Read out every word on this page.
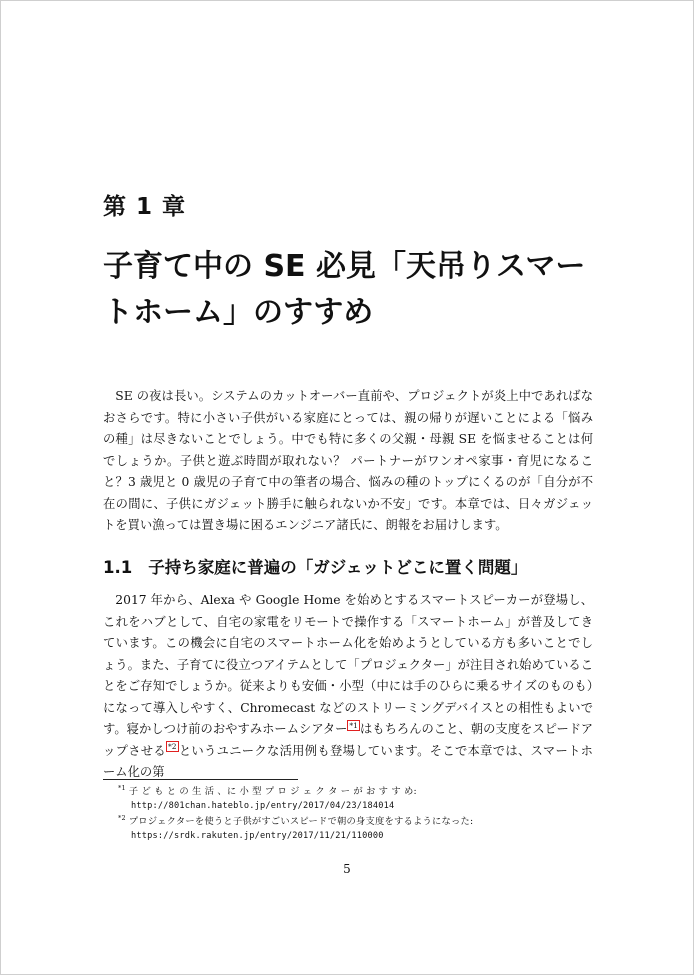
第 1 章
子育て中の SE 必見「天吊りスマートホーム」のすすめ

SE の夜は長い。システムのカットオーバー直前や、プロジェクトが炎上中であればなおさらです。特に小さい子供がいる家庭にとっては、親の帰りが遅いことによる「悩みの種」は尽きないことでしょう。中でも特に多くの父親・母親 SE を悩ませることは何でしょうか。子供と遊ぶ時間が取れない？ パートナーがワンオペ家事・育児になること？3 歳児と 0 歳児の子育て中の筆者の場合、悩みの種のトップにくるのが「自分が不在の間に、子供にガジェット勝手に触られないか不安」です。本章では、日々ガジェットを買い漁っては置き場に困るエンジニア諸氏に、朗報をお届けします。

1.1 子持ち家庭に普遍の「ガジェットどこに置く問題」

2017 年から、Alexa や Google Home を始めとするスマートスピーカーが登場し、これをハブとして、自宅の家電をリモートで操作する「スマートホーム」が普及してきています。この機会に自宅のスマートホーム化を始めようとしている方も多いことでしょう。また、子育てに役立つアイテムとして「プロジェクター」が注目され始めていることをご存知でしょうか。従来よりも安価・小型（中には手のひらに乗るサイズのものも）になって導入しやすく、Chromecast などのストリーミングデバイスとの相性もよいです。寝かしつけ前のおやすみホームシアター $^{*1}$ はもちろんのこと、朝の支度をスピードアップさせる $^{*2}$ というユニークな活用例も登場しています。そこで本章では、スマートホーム化の第

$^{*1}$ 子 ど も と の 生 活 、に 小 型 プ ロ ジ ェ ク タ ー が お す す め:
http://801chan.hateblo.jp/entry/2017/04/23/184014
$^{*2}$ プロジェクターを使うと子供がすごいスピードで朝の身支度をするようになった:
https://srdk.rakuten.jp/entry/2017/11/21/110000
5
